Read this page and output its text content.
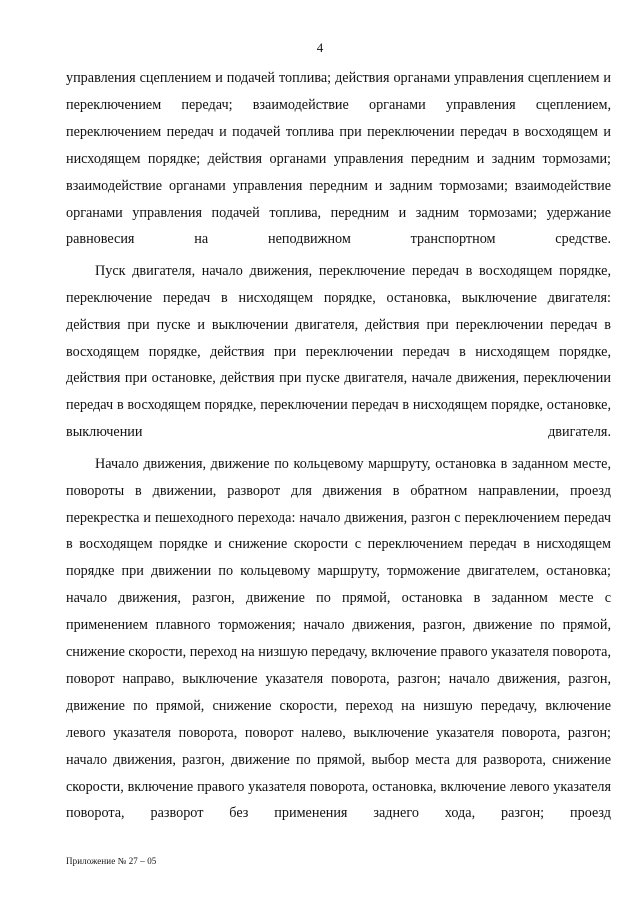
4

управления сцеплением и подачей топлива; действия органами управления сцеплением и переключением передач; взаимодействие органами управления сцеплением, переключением передач и подачей топлива при переключении передач в восходящем и нисходящем порядке; действия органами управления передним и задним тормозами; взаимодействие органами управления передним и задним тормозами; взаимодействие органами управления подачей топлива, передним и задним тормозами; удержание равновесия на неподвижном транспортном средстве.

Пуск двигателя, начало движения, переключение передач в восходящем порядке, переключение передач в нисходящем порядке, остановка, выключение двигателя: действия при пуске и выключении двигателя, действия при переключении передач в восходящем порядке, действия при переключении передач в нисходящем порядке, действия при остановке, действия при пуске двигателя, начале движения, переключении передач в восходящем порядке, переключении передач в нисходящем порядке, остановке, выключении двигателя.

Начало движения, движение по кольцевому маршруту, остановка в заданном месте, повороты в движении, разворот для движения в обратном направлении, проезд перекрестка и пешеходного перехода: начало движения, разгон с переключением передач в восходящем порядке и снижение скорости с переключением передач в нисходящем порядке при движении по кольцевому маршруту, торможение двигателем, остановка; начало движения, разгон, движение по прямой, остановка в заданном месте с применением плавного торможения; начало движения, разгон, движение по прямой, снижение скорости, переход на низшую передачу, включение правого указателя поворота, поворот направо, выключение указателя поворота, разгон; начало движения, разгон, движение по прямой, снижение скорости, переход на низшую передачу, включение левого указателя поворота, поворот налево, выключение указателя поворота, разгон; начало движения, разгон, движение по прямой, выбор места для разворота, снижение скорости, включение правого указателя поворота, остановка, включение левого указателя поворота, разворот без применения заднего хода, разгон; проезд

Приложение № 27 – 05
